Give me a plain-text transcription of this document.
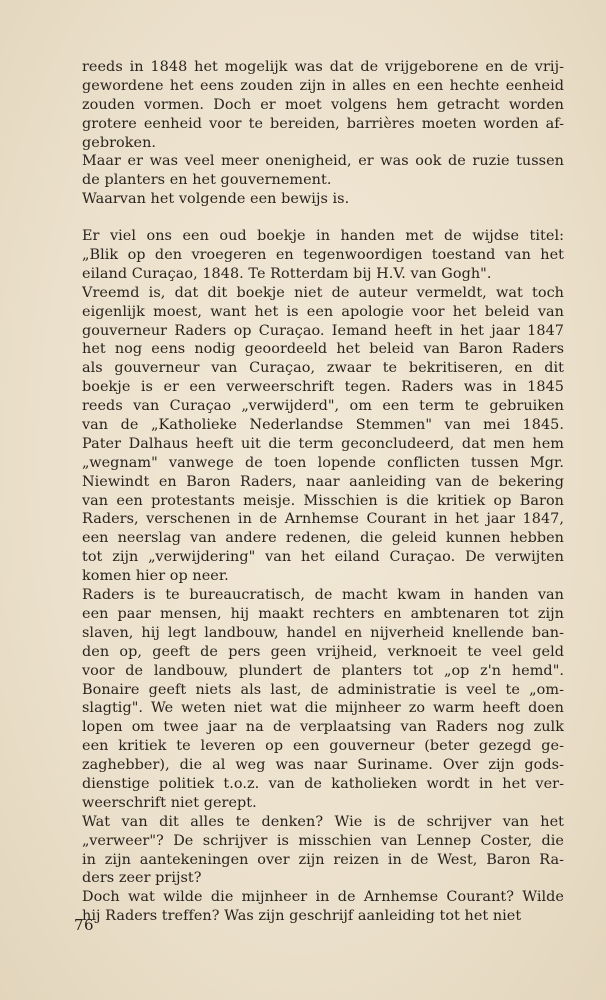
reeds in 1848 het mogelijk was dat de vrijgeborene en de vrij-
gewordene het eens zouden zijn in alles en een hechte eenheid
zouden vormen. Doch er moet volgens hem getracht worden
grotere eenheid voor te bereiden, barrières moeten worden af-
gebroken.
Maar er was veel meer onenigheid, er was ook de ruzie tussen
de planters en het gouvernement.
Waarvan het volgende een bewijs is.
Er viel ons een oud boekje in handen met de wijdse titel:
„Blik op den vroegeren en tegenwoordigen toestand van het
eiland Curaçao, 1848. Te Rotterdam bij H.V. van Gogh".
Vreemd is, dat dit boekje niet de auteur vermeldt, wat toch
eigenlijk moest, want het is een apologie voor het beleid van
gouverneur Raders op Curaçao. Iemand heeft in het jaar 1847
het nog eens nodig geoordeeld het beleid van Baron Raders
als gouverneur van Curaçao, zwaar te bekritiseren, en dit
boekje is er een verweerschrift tegen. Raders was in 1845
reeds van Curaçao „verwijderd", om een term te gebruiken
van de „Katholieke Nederlandse Stemmen" van mei 1845.
Pater Dalhaus heeft uit die term geconcludeerd, dat men hem
„wegnam" vanwege de toen lopende conflicten tussen Mgr.
Niewindt en Baron Raders, naar aanleiding van de bekering
van een protestants meisje. Misschien is die kritiek op Baron
Raders, verschenen in de Arnhemse Courant in het jaar 1847,
een neerslag van andere redenen, die geleid kunnen hebben
tot zijn „verwijdering" van het eiland Curaçao. De verwijten
komen hier op neer.
Raders is te bureaucratisch, de macht kwam in handen van
een paar mensen, hij maakt rechters en ambtenaren tot zijn
slaven, hij legt landbouw, handel en nijverheid knellende ban-
den op, geeft de pers geen vrijheid, verknoeit te veel geld
voor de landbouw, plundert de planters tot „op z'n hemd".
Bonaire geeft niets als last, de administratie is veel te „om-
slagtig". We weten niet wat die mijnheer zo warm heeft doen
lopen om twee jaar na de verplaatsing van Raders nog zulk
een kritiek te leveren op een gouverneur (beter gezegd ge-
zaghebber), die al weg was naar Suriname. Over zijn gods-
dienstige politiek t.o.z. van de katholieken wordt in het ver-
weerschrift niet gerept.
Wat van dit alles te denken? Wie is de schrijver van het
„verweer"? De schrijver is misschien van Lennep Coster, die
in zijn aantekeningen over zijn reizen in de West, Baron Ra-
ders zeer prijst?
Doch wat wilde die mijnheer in de Arnhemse Courant? Wilde
hij Raders treffen? Was zijn geschrijf aanleiding tot het niet
76
